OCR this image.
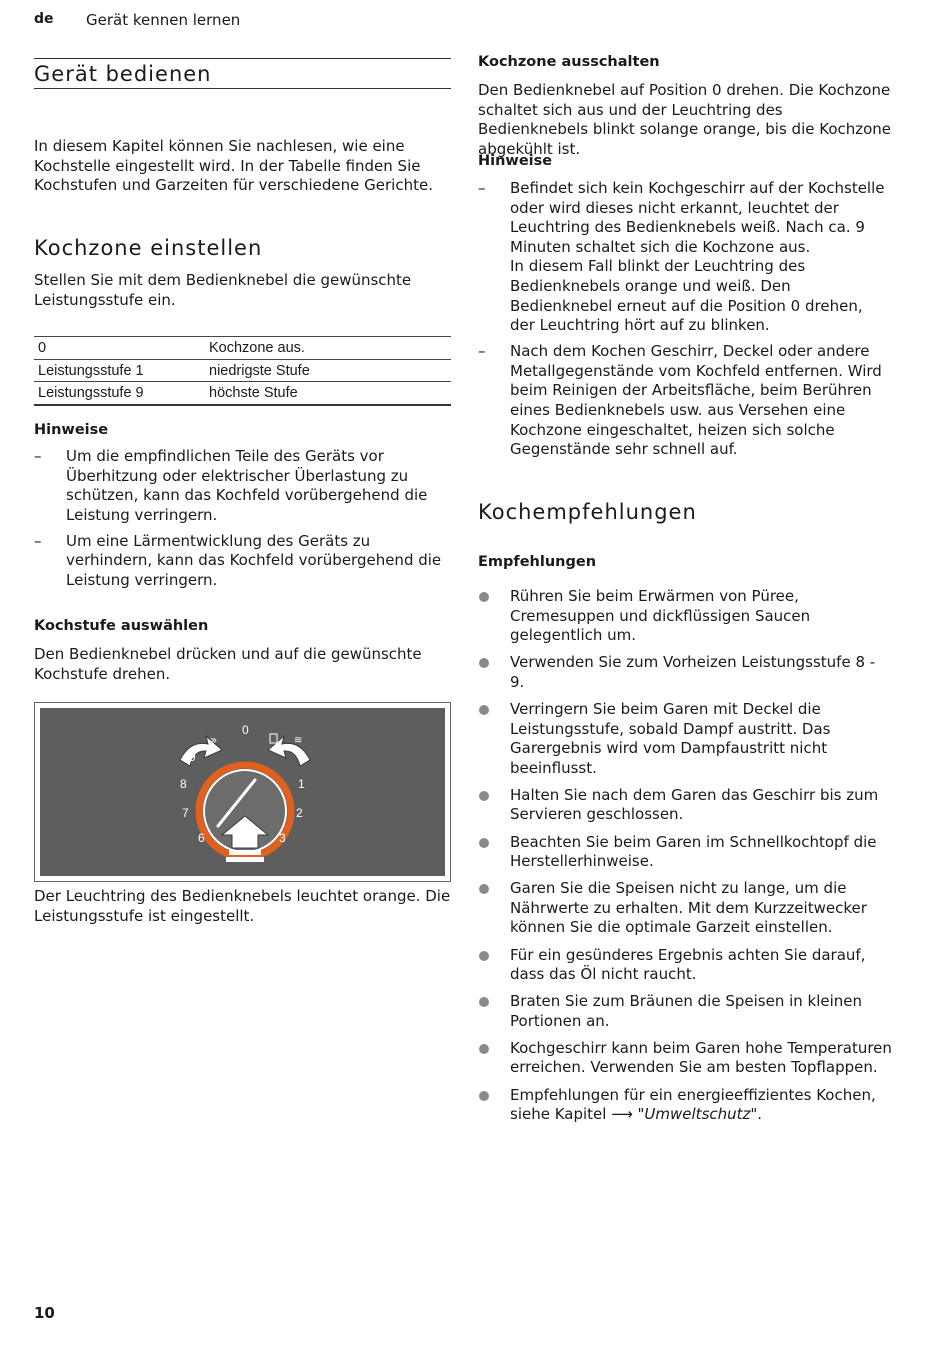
de Gerät kennen lernen
Gerät bedienen
In diesem Kapitel können Sie nachlesen, wie eine Kochstelle eingestellt wird. In der Tabelle finden Sie Kochstufen und Garzeiten für verschiedene Gerichte.
Kochzone einstellen
Stellen Sie mit dem Bedienknebel die gewünschte Leistungsstufe ein.
0	Kochzone aus.
Leistungsstufe 1	niedrigste Stufe
Leistungsstufe 9	höchste Stufe
Hinweise
– Um die empfindlichen Teile des Geräts vor Überhitzung oder elektrischer Überlastung zu schützen, kann das Kochfeld vorübergehend die Leistung verringern.
– Um eine Lärmentwicklung des Geräts zu verhindern, kann das Kochfeld vorübergehend die Leistung verringern.
Kochstufe auswählen
Den Bedienknebel drücken und auf die gewünschte Kochstufe drehen.
»	≋
0
1
2
3
6
7
8
9
Der Leuchtring des Bedienknebels leuchtet orange. Die Leistungsstufe ist eingestellt.
Kochzone ausschalten
Den Bedienknebel auf Position 0 drehen. Die Kochzone schaltet sich aus und der Leuchtring des Bedienknebels blinkt solange orange, bis die Kochzone abgekühlt ist.
Hinweise
– Befindet sich kein Kochgeschirr auf der Kochstelle oder wird dieses nicht erkannt, leuchtet der Leuchtring des Bedienknebels weiß. Nach ca. 9 Minuten schaltet sich die Kochzone aus.
In diesem Fall blinkt der Leuchtring des Bedienknebels orange und weiß. Den Bedienknebel erneut auf die Position 0 drehen, der Leuchtring hört auf zu blinken.
– Nach dem Kochen Geschirr, Deckel oder andere Metallgegenstände vom Kochfeld entfernen. Wird beim Reinigen der Arbeitsfläche, beim Berühren eines Bedienknebels usw. aus Versehen eine Kochzone eingeschaltet, heizen sich solche Gegenstände sehr schnell auf.
Kochempfehlungen
Empfehlungen
Rühren Sie beim Erwärmen von Püree, Cremesuppen und dickflüssigen Saucen gelegentlich um.
Verwenden Sie zum Vorheizen Leistungsstufe 8 - 9.
Verringern Sie beim Garen mit Deckel die Leistungsstufe, sobald Dampf austritt. Das Garergebnis wird vom Dampfaustritt nicht beeinflusst.
Halten Sie nach dem Garen das Geschirr bis zum Servieren geschlossen.
Beachten Sie beim Garen im Schnellkochtopf die Herstellerhinweise.
Garen Sie die Speisen nicht zu lange, um die Nährwerte zu erhalten. Mit dem Kurzzeitwecker können Sie die optimale Garzeit einstellen.
Für ein gesünderes Ergebnis achten Sie darauf, dass das Öl nicht raucht.
Braten Sie zum Bräunen die Speisen in kleinen Portionen an.
Kochgeschirr kann beim Garen hohe Temperaturen erreichen. Verwenden Sie am besten Topflappen.
Empfehlungen für ein energieeffizientes Kochen, siehe Kapitel ⟶ "Umweltschutz".
10
